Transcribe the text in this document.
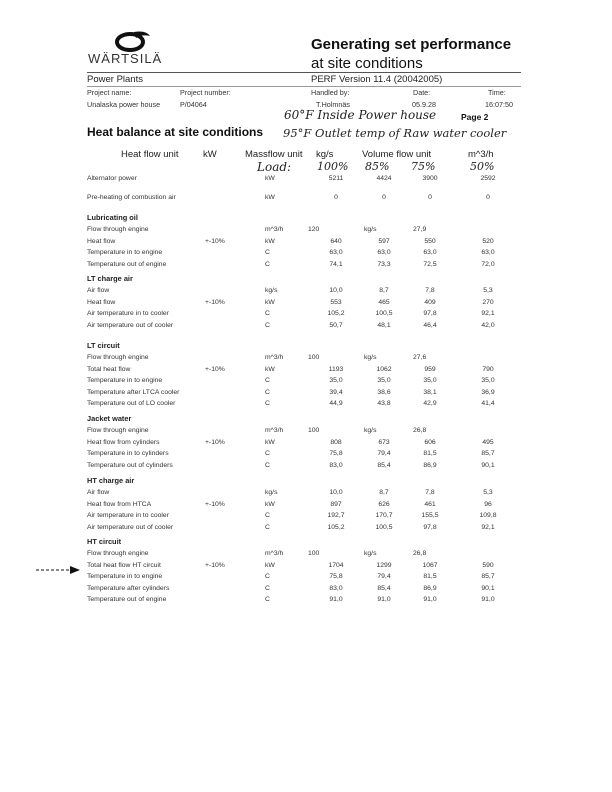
WÄRTSILÄ
Generating set performance
at site conditions
Power Plants	PERF Version 11.4 (20042005)
Project name:	Project number:	Handled by:	Date:	Time:
Unalaska power house	P/04064	T.Holmnäs	05.9.28	16:07:50
60°F Inside Power house	Page 2
Heat balance at site conditions 95°F Outlet temp of Raw water cooler
Heat flow unit	kW	Massflow unit kg/s	Volume flow unit	m^3/h
Load: 100% 85% 75%	50%
Alternator power	kW	5211	4424	3900	2592
Pre-heating of combustion air	kW	0	0	0	0
Lubricating oil
Flow through engine	m^3/h	120	kg/s	27,9
Heat flow	+-10%	kW	640	597	550	520
Temperature in to engine	C	63,0	63,0	63,0	63,0
Temperature out of engine	C	74,1	73,3	72,5	72,0
LT charge air
Air flow	kg/s	10,0	8,7	7,8	5,3
Heat flow	+-10%	kW	553	465	409	270
Air temperature in to cooler	C	105,2	100,5	97,8	92,1
Air temperature out of cooler	C	50,7	48,1	46,4	42,0
LT circuit
Flow through engine	m^3/h	100	kg/s	27,6
Total heat flow	+-10%	kW	1193	1062	959	790
Temperature in to engine	C	35,0	35,0	35,0	35,0
Temperature after LTCA cooler	C	39,4	38,6	38,1	36,9
Temperature out of LO cooler	C	44,9	43,8	42,9	41,4
Jacket water
Flow through engine	m^3/h	100	kg/s	26,8
Heat flow from cylinders	+-10%	kW	808	673	606	495
Temperature in to cylinders	C	75,8	79,4	81,5	85,7
Temperature out of cylinders	C	83,0	85,4	86,9	90,1
HT charge air
Air flow	kg/s	10,0	8,7	7,8	5,3
Heat flow from HTCA	+-10%	kW	897	626	461	96
Air temperature in to cooler	C	192,7	170,7	155,5	109,8
Air temperature out of cooler	C	105,2	100,5	97,8	92,1
HT circuit
Flow through engine	m^3/h	100	kg/s	26,8
Total heat flow HT circuit	+-10%	kW	1704	1299	1067	590
Temperature in to engine	C	75,8	79,4	81,5	85,7
Temperature after cylinders	C	83,0	85,4	86,9	90,1
Temperature out of engine	C	91,0	91,0	91,0	91,0
